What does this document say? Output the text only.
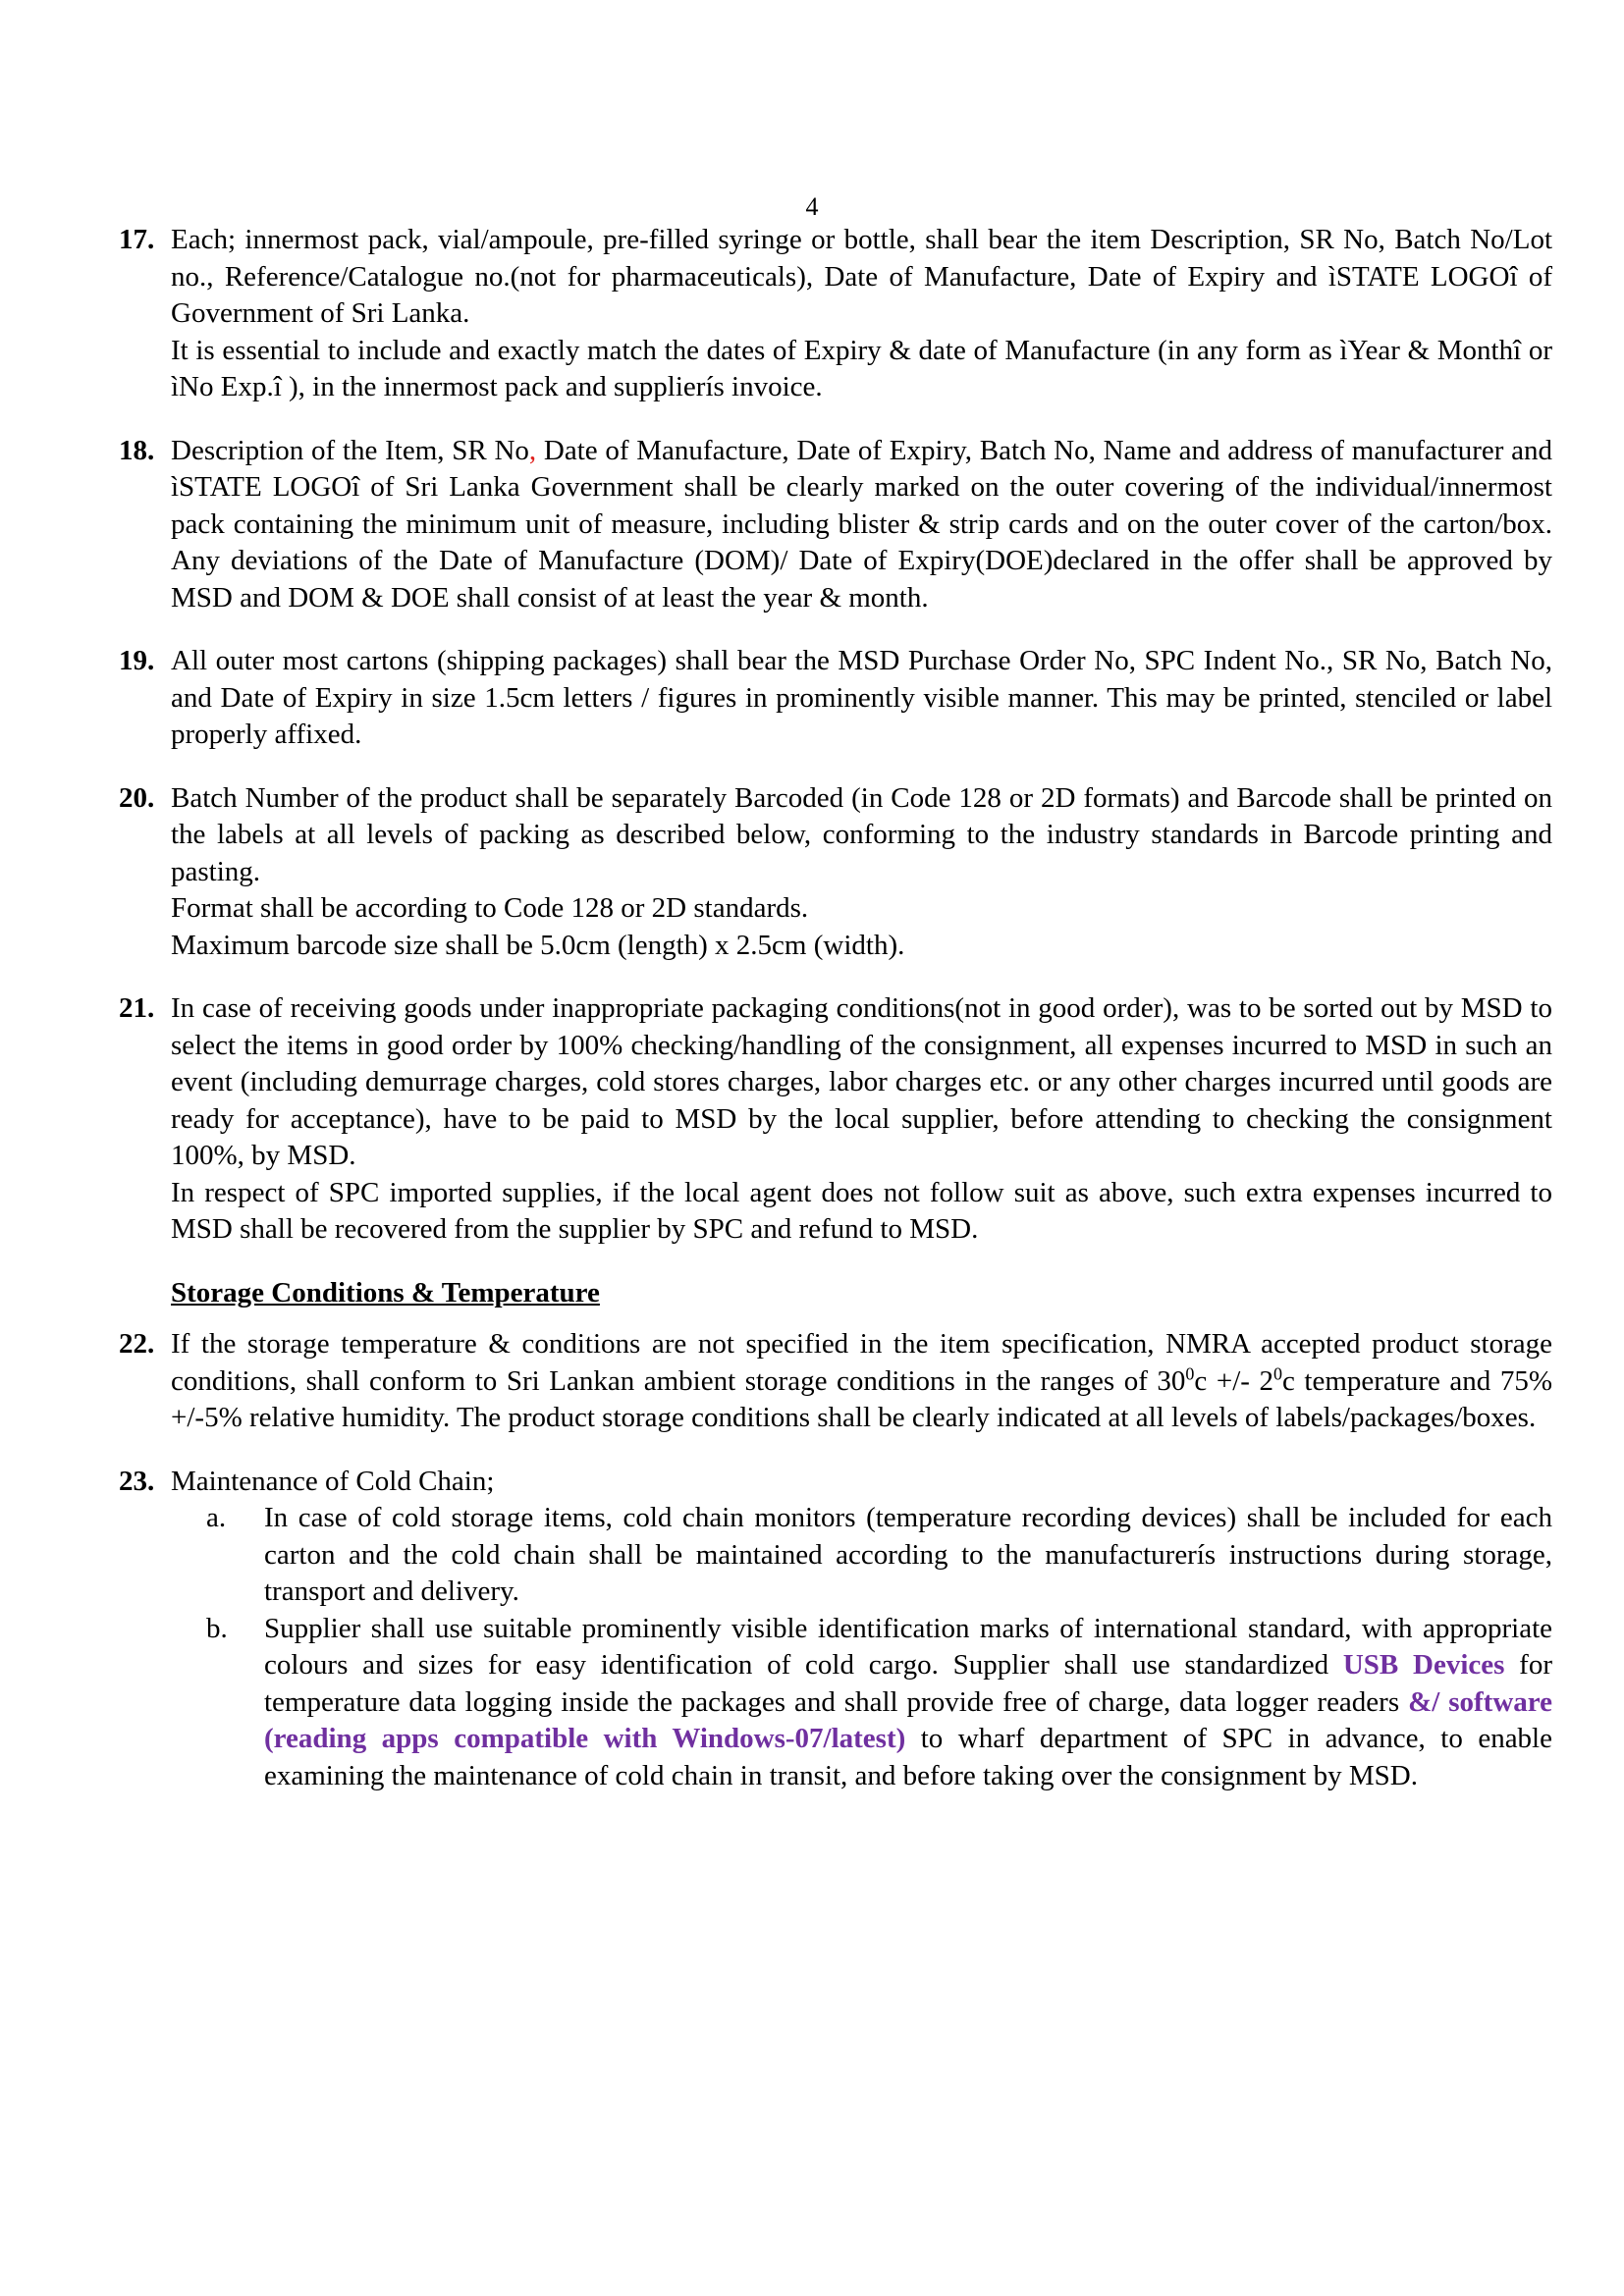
4
17. Each; innermost pack, vial/ampoule, pre-filled syringe or bottle, shall bear the item Description, SR No, Batch No/Lot no., Reference/Catalogue no.(not for pharmaceuticals), Date of Manufacture, Date of Expiry and ìSTATE LOGOî of Government of Sri Lanka.

It is essential to include and exactly match the dates of Expiry & date of Manufacture (in any form as ìYear & Monthî or ìNo Exp.î ), in the innermost pack and supplierís invoice.

18. Description of the Item, SR No, Date of Manufacture, Date of Expiry, Batch No, Name and address of manufacturer and ìSTATE LOGOî of Sri Lanka Government shall be clearly marked on the outer covering of the individual/innermost pack containing the minimum unit of measure, including blister & strip cards and on the outer cover of the carton/box. Any deviations of the Date of Manufacture (DOM)/ Date of Expiry(DOE)declared in the offer shall be approved by MSD and DOM & DOE shall consist of at least the year & month.

19. All outer most cartons (shipping packages) shall bear the MSD Purchase Order No, SPC Indent No., SR No, Batch No, and Date of Expiry in size 1.5cm letters / figures in prominently visible manner. This may be printed, stenciled or label properly affixed.

20. Batch Number of the product shall be separately Barcoded (in Code 128 or 2D formats) and Barcode shall be printed on the labels at all levels of packing as described below, conforming to the industry standards in Barcode printing and pasting.

Format shall be according to Code 128 or 2D standards.

Maximum barcode size shall be 5.0cm (length) x 2.5cm (width).

21. In case of receiving goods under inappropriate packaging conditions(not in good order), was to be sorted out by MSD to select the items in good order by 100% checking/handling of the consignment, all expenses incurred to MSD in such an event (including demurrage charges, cold stores charges, labor charges etc. or any other charges incurred until goods are ready for acceptance), have to be paid to MSD by the local supplier, before attending to checking the consignment 100%, by MSD.

In respect of SPC imported supplies, if the local agent does not follow suit as above, such extra expenses incurred to MSD shall be recovered from the supplier by SPC and refund to MSD.

Storage Conditions & Temperature
22. If the storage temperature & conditions are not specified in the item specification, NMRA accepted product storage conditions, shall conform to Sri Lankan ambient storage conditions in the ranges of $30^0c$ +/- $2^0c$ temperature and 75% +/-5% relative humidity. The product storage conditions shall be clearly indicated at all levels of labels/packages/boxes.

23. Maintenance of Cold Chain;

a. In case of cold storage items, cold chain monitors (temperature recording devices) shall be included for each carton and the cold chain shall be maintained according to the manufacturerís instructions during storage, transport and delivery.

b. Supplier shall use suitable prominently visible identification marks of international standard, with appropriate colours and sizes for easy identification of cold cargo. Supplier shall use standardized USB Devices for temperature data logging inside the packages and shall provide free of charge, data logger readers &/ software (reading apps compatible with Windows-07/latest) to wharf department of SPC in advance, to enable examining the maintenance of cold chain in transit, and before taking over the consignment by MSD.
